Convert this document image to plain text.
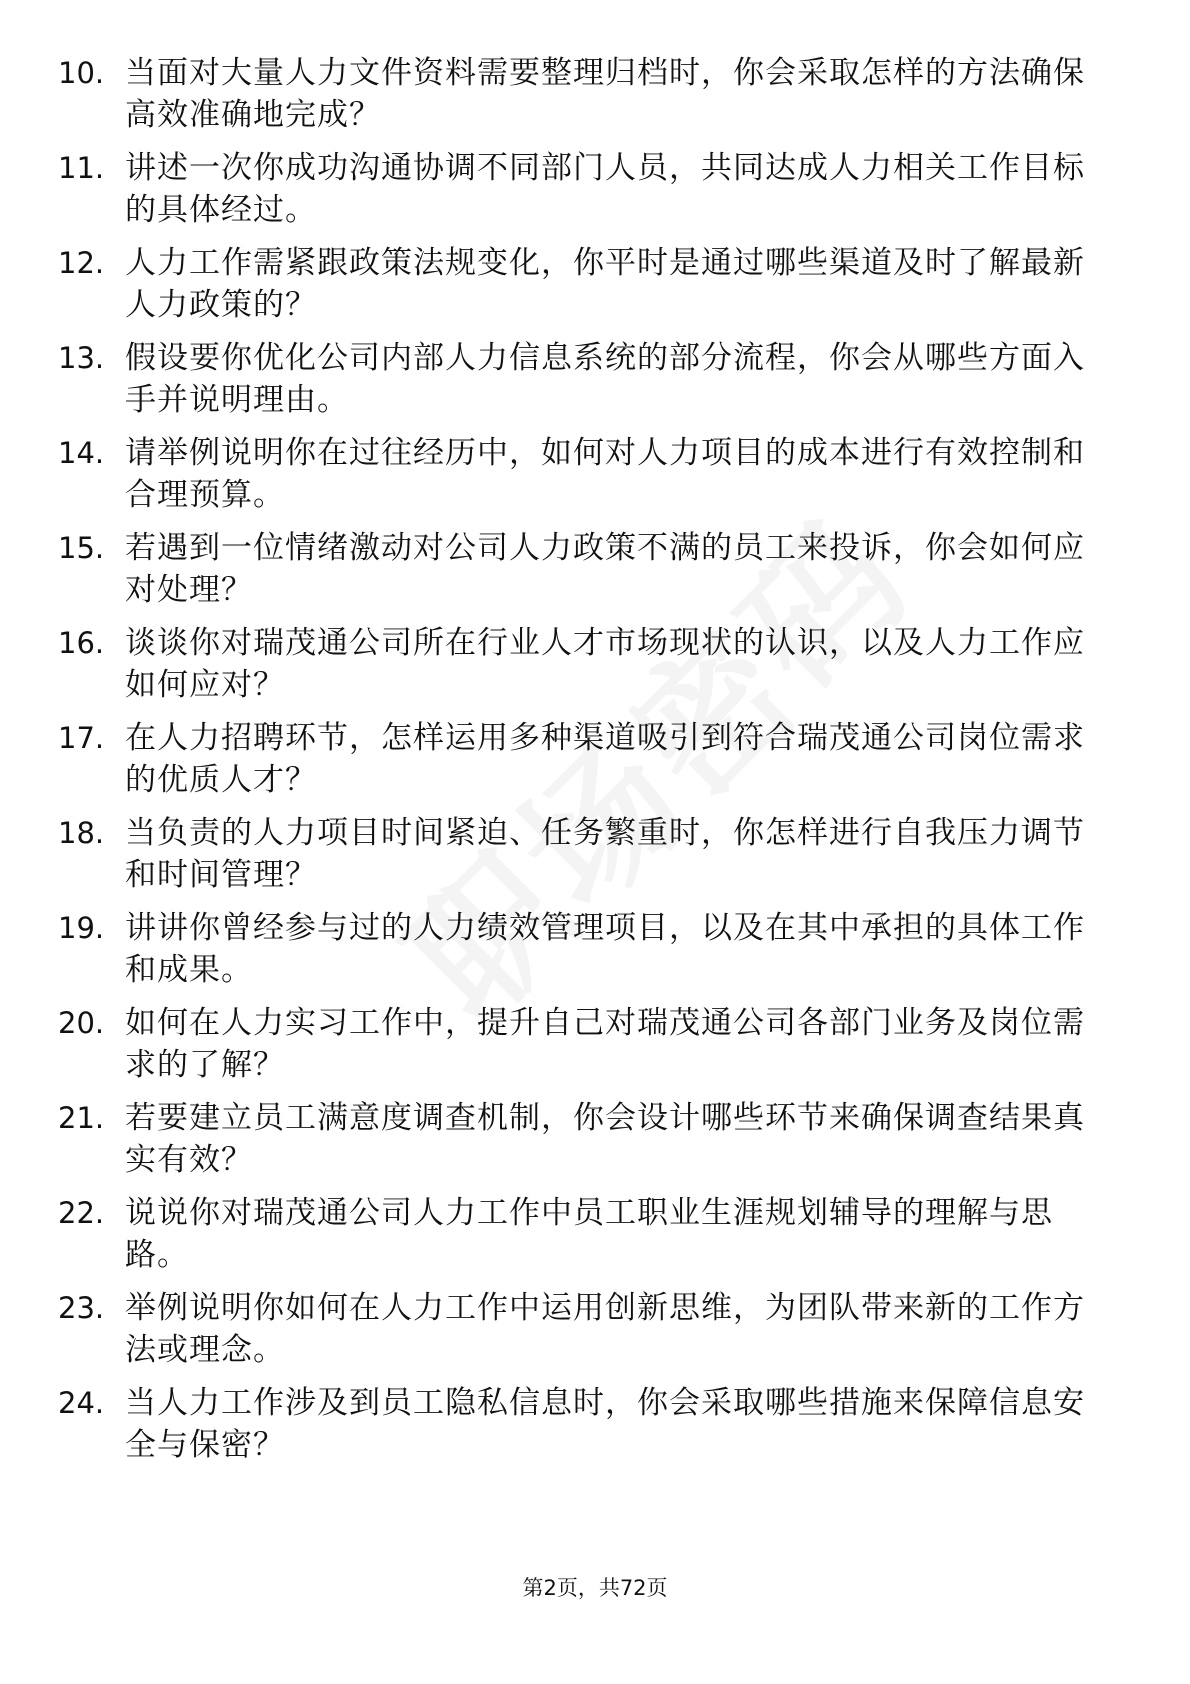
10. 当面对大量人力文件资料需要整理归档时，你会采取怎样的方法确保高效准确地完成？
11. 讲述一次你成功沟通协调不同部门人员，共同达成人力相关工作目标的具体经过。
12. 人力工作需紧跟政策法规变化，你平时是通过哪些渠道及时了解最新人力政策的？
13. 假设要你优化公司内部人力信息系统的部分流程，你会从哪些方面入手并说明理由。
14. 请举例说明你在过往经历中，如何对人力项目的成本进行有效控制和合理预算。
15. 若遇到一位情绪激动对公司人力政策不满的员工来投诉，你会如何应对处理？
16. 谈谈你对瑞茂通公司所在行业人才市场现状的认识，以及人力工作应如何应对？
17. 在人力招聘环节，怎样运用多种渠道吸引到符合瑞茂通公司岗位需求的优质人才？
18. 当负责的人力项目时间紧迫、任务繁重时，你怎样进行自我压力调节和时间管理？
19. 讲讲你曾经参与过的人力绩效管理项目，以及在其中承担的具体工作和成果。
20. 如何在人力实习工作中，提升自己对瑞茂通公司各部门业务及岗位需求的了解？
21. 若要建立员工满意度调查机制，你会设计哪些环节来确保调查结果真实有效？
22. 说说你对瑞茂通公司人力工作中员工职业生涯规划辅导的理解与思路。
23. 举例说明你如何在人力工作中运用创新思维，为团队带来新的工作方法或理念。
24. 当人力工作涉及到员工隐私信息时，你会采取哪些措施来保障信息安全与保密？
第2页，共72页
